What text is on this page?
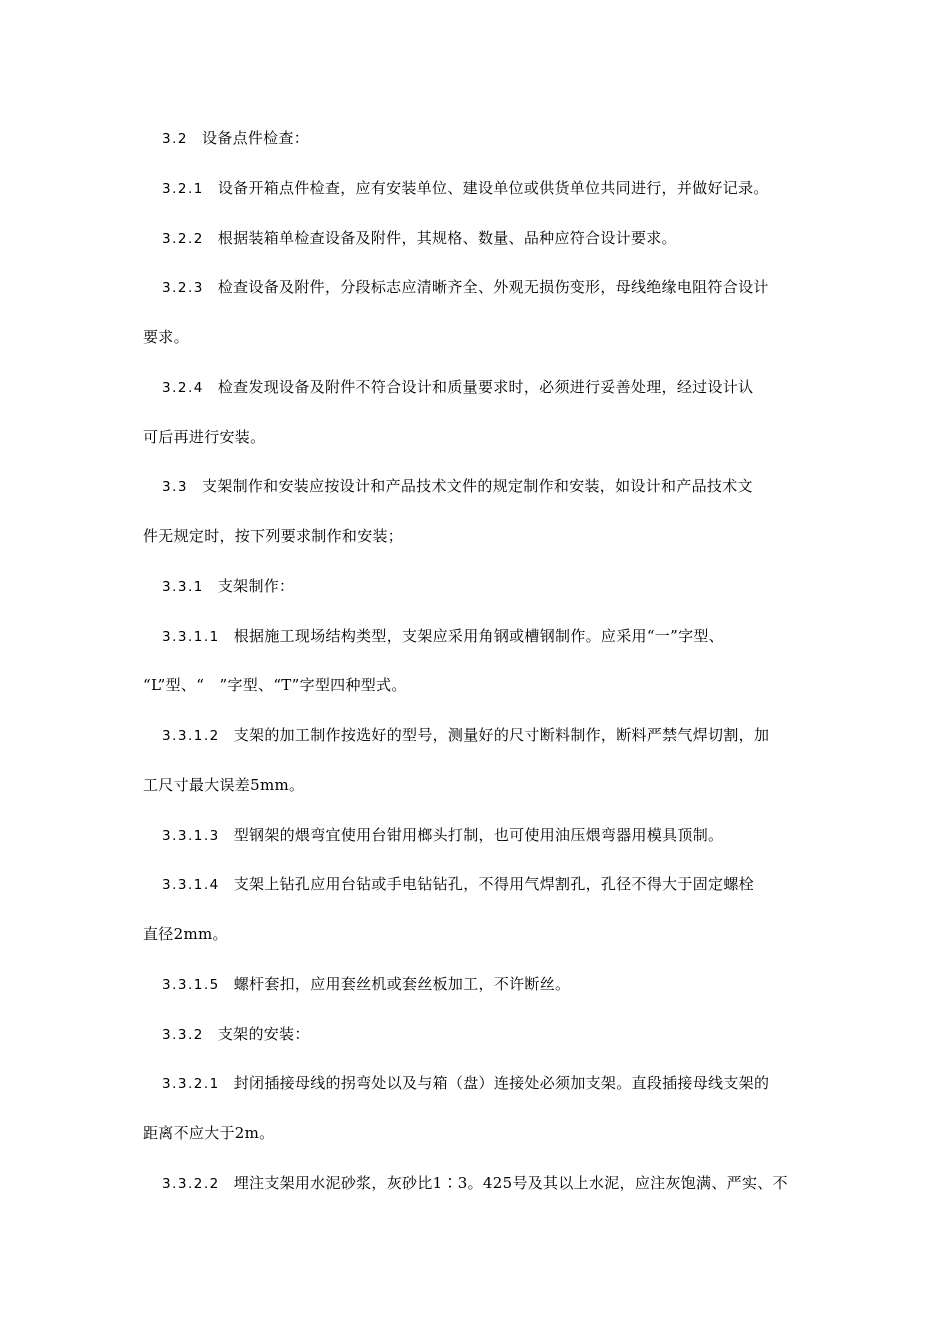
3.2 设备点件检查：
3.2.1 设备开箱点件检查，应有安装单位、建设单位或供货单位共同进行，并做好记录。
3.2.2 根据装箱单检查设备及附件，其规格、数量、品种应符合设计要求。
3.2.3 检查设备及附件，分段标志应清晰齐全、外观无损伤变形，母线绝缘电阻符合设计
要求。
3.2.4 检查发现设备及附件不符合设计和质量要求时，必须进行妥善处理，经过设计认
可后再进行安装。
3.3 支架制作和安装应按设计和产品技术文件的规定制作和安装，如设计和产品技术文
件无规定时，按下列要求制作和安装；
3.3.1 支架制作：
3.3.1.1 根据施工现场结构类型，支架应采用角钢或槽钢制作。应采用“一”字型、
“L”型、“　”字型、“T”字型四种型式。
3.3.1.2 支架的加工制作按选好的型号，测量好的尺寸断料制作，断料严禁气焊切割，加
工尺寸最大误差5mm。
3.3.1.3 型钢架的煨弯宜使用台钳用榔头打制，也可使用油压煨弯器用模具顶制。
3.3.1.4 支架上钻孔应用台钻或手电钻钻孔，不得用气焊割孔，孔径不得大于固定螺栓
直径2mm。
3.3.1.5 螺杆套扣，应用套丝机或套丝板加工，不许断丝。
3.3.2 支架的安装：
3.3.2.1 封闭插接母线的拐弯处以及与箱（盘）连接处必须加支架。直段插接母线支架的
距离不应大于2m。
3.3.2.2 埋注支架用水泥砂浆，灰砂比1∶3。425号及其以上水泥，应注灰饱满、严实、不
